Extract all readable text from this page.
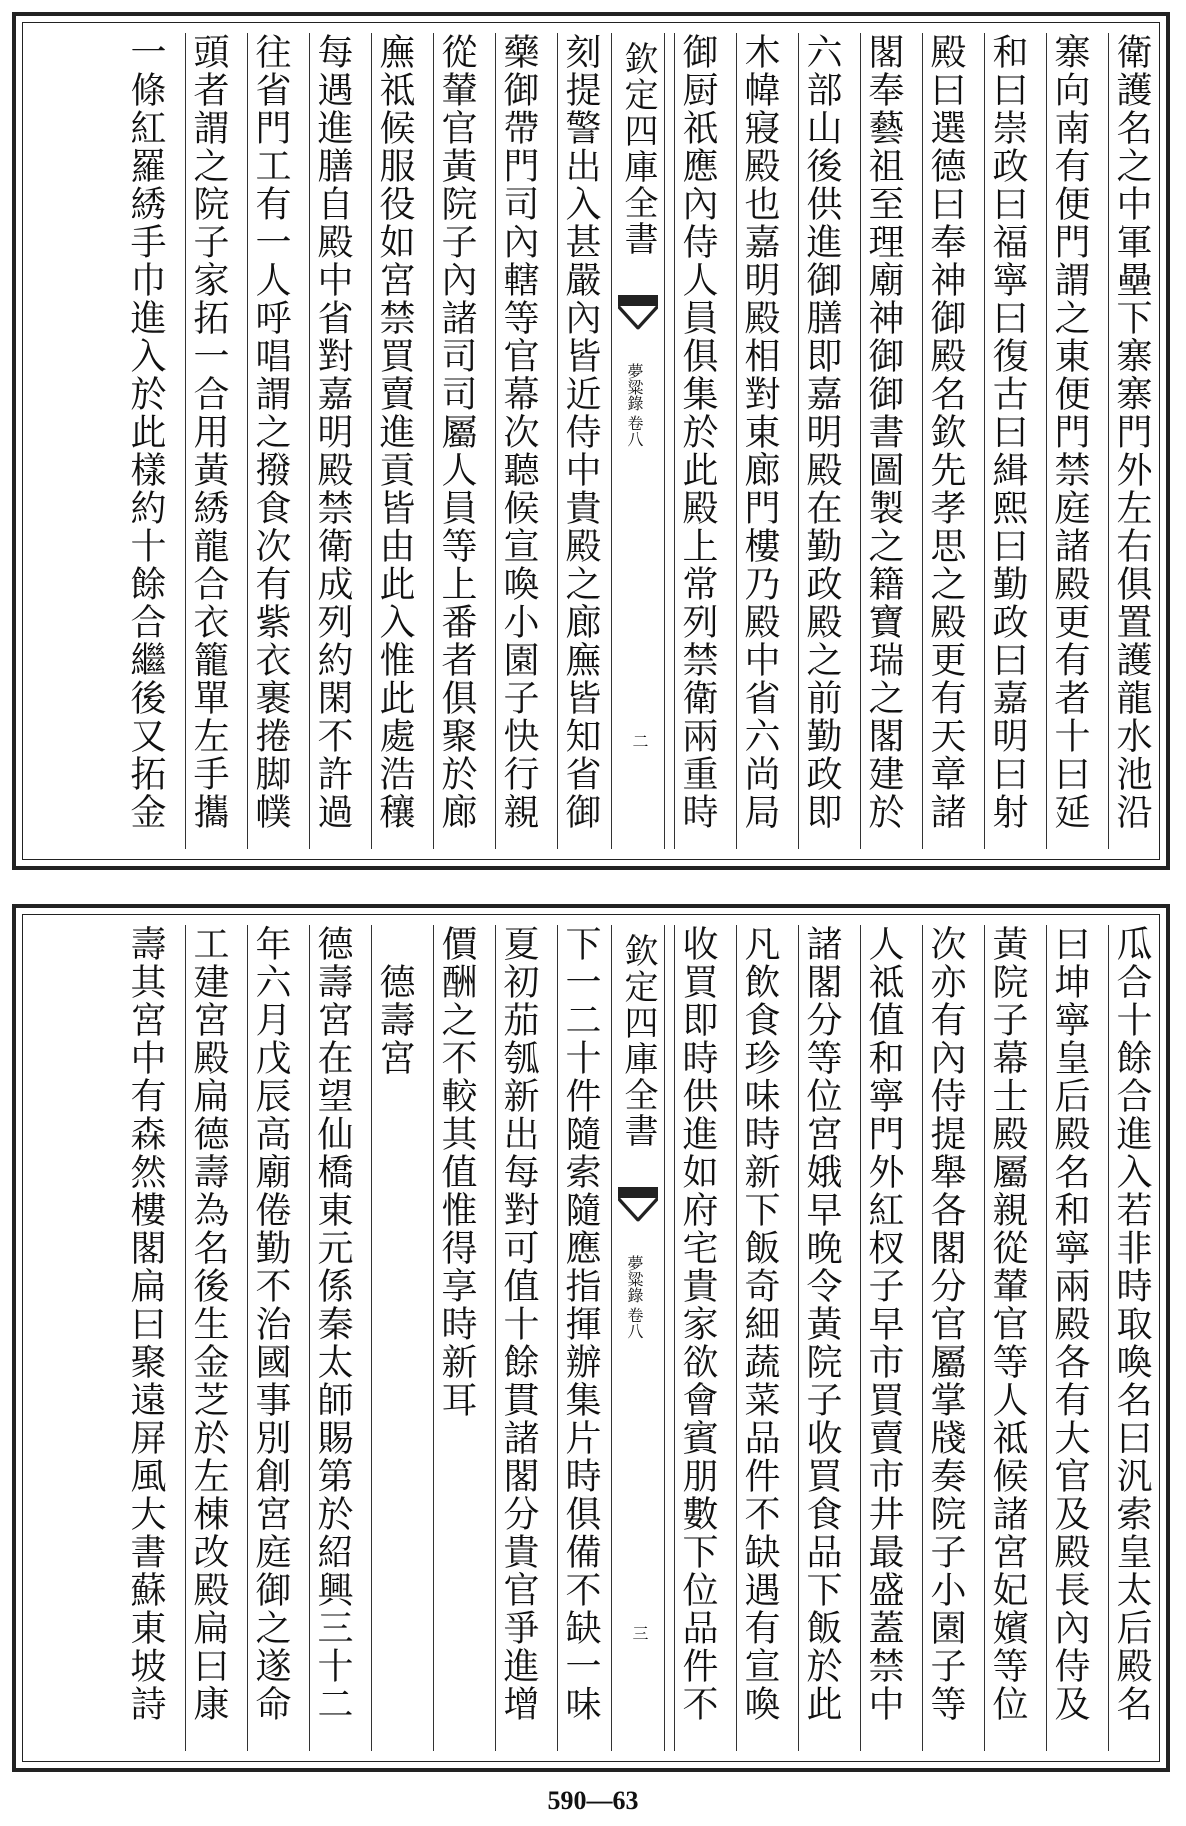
衛護名之中軍壘下寨寨門外左右俱置護龍水池沿
寨向南有便門謂之東便門禁庭諸殿更有者十曰延
和曰崇政曰福寧曰復古曰緝熙曰勤政曰嘉明曰射
殿曰選德曰奉神御殿名欽先孝思之殿更有天章諸
閣奉藝祖至理廟神御御書圖製之籍寶瑞之閣建於
六部山後供進御膳即嘉明殿在勤政殿之前勤政即
木幃寢殿也嘉明殿相對東廊門樓乃殿中省六尚局
御厨祇應內侍人員俱集於此殿上常列禁衛兩重時
欽定四庫全書
夢粱錄
卷八
二
刻提警出入甚嚴內皆近侍中貴殿之廊廡皆知省御
藥御帶門司內轄等官幕次聽候宣喚小園子快行親
從輦官黃院子內諸司司屬人員等上番者俱聚於廊
廡祗候服役如宮禁買賣進貢皆由此入惟此處浩穰
每遇進膳自殿中省對嘉明殿禁衛成列約閑不許過
往省門工有一人呼唱謂之撥食次有紫衣裹捲脚幞
頭者謂之院子家拓一合用黃綉龍合衣籠單左手攜
一條紅羅綉手巾進入於此樣約十餘合繼後又拓金
瓜合十餘合進入若非時取喚名曰汎索皇太后殿名
曰坤寧皇后殿名和寧兩殿各有大官及殿長內侍及
黃院子幕士殿屬親從輦官等人祗候諸宮妃嬪等位
次亦有內侍提舉各閣分官屬掌牋奏院子小園子等
人祗值和寧門外紅杈子早市買賣市井最盛蓋禁中
諸閣分等位宮娥早晚令黃院子收買食品下飯於此
凡飲食珍味時新下飯奇細蔬菜品件不缺遇有宣喚
收買即時供進如府宅貴家欲會賓朋數下位品件不
欽定四庫全書
夢粱錄
卷八
三
下一二十件隨索隨應指揮辦集片時俱備不缺一味
夏初茄瓠新出每對可值十餘貫諸閣分貴官爭進增
價酬之不較其值惟得享時新耳
　德壽宮
德壽宮在望仙橋東元係秦太師賜第於紹興三十二
年六月戊辰高廟倦勤不治國事別創宮庭御之遂命
工建宮殿扁德壽為名後生金芝於左棟改殿扁曰康
壽其宮中有森然樓閣扁曰聚遠屏風大書蘇東坡詩
590—63
